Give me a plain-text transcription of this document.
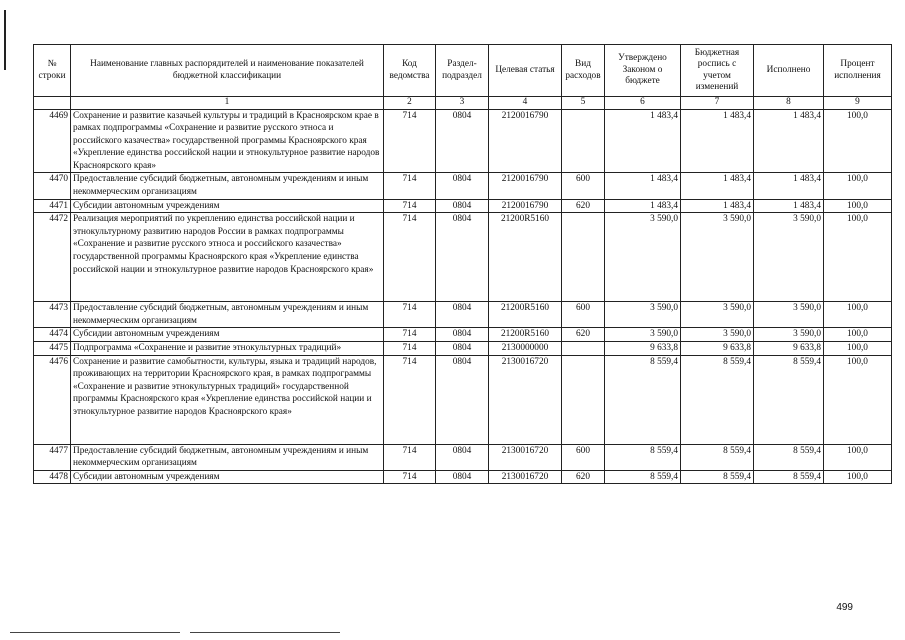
№ строки	Наименование главных распорядителей и наименование показателей бюджетной классификации	Код ведомства	Раздел-подраздел	Целевая статья	Вид расходов	Утверждено Законом о бюджете	Бюджетная роспись с учетом изменений	Исполнено	Процент исполнения
	1	2	3	4	5	6	7	8	9
4469	Сохранение и развитие казачьей культуры и традиций в Красноярском крае в рамках подпрограммы «Сохранение и развитие русского этноса и российского казачества» государственной программы Красноярского края «Укрепление единства российской нации и этнокультурное развитие народов Красноярского края»	714	0804	2120016790		1 483,4	1 483,4	1 483,4	100,0
4470	Предоставление субсидий бюджетным, автономным учреждениям и иным некоммерческим организациям	714	0804	2120016790	600	1 483,4	1 483,4	1 483,4	100,0
4471	Субсидии автономным учреждениям	714	0804	2120016790	620	1 483,4	1 483,4	1 483,4	100,0
4472	Реализация мероприятий по укреплению единства российской нации и этнокультурному развитию народов России в рамках подпрограммы «Сохранение и развитие русского этноса и российского казачества» государственной программы Красноярского края «Укрепление единства российской нации и этнокультурное развитие народов Красноярского края»	714	0804	21200R5160		3 590,0	3 590,0	3 590,0	100,0
4473	Предоставление субсидий бюджетным, автономным учреждениям и иным некоммерческим организациям	714	0804	21200R5160	600	3 590,0	3 590,0	3 590,0	100,0
4474	Субсидии автономным учреждениям	714	0804	21200R5160	620	3 590,0	3 590,0	3 590,0	100,0
4475	Подпрограмма «Сохранение и развитие этнокультурных традиций»	714	0804	2130000000		9 633,8	9 633,8	9 633,8	100,0
4476	Сохранение и развитие самобытности, культуры, языка и традиций народов, проживающих на территории Красноярского края, в рамках подпрограммы «Сохранение и развитие этнокультурных традиций» государственной программы Красноярского края «Укрепление единства российской нации и этнокультурное развитие народов Красноярского края»	714	0804	2130016720		8 559,4	8 559,4	8 559,4	100,0
4477	Предоставление субсидий бюджетным, автономным учреждениям и иным некоммерческим организациям	714	0804	2130016720	600	8 559,4	8 559,4	8 559,4	100,0
4478	Субсидии автономным учреждениям	714	0804	2130016720	620	8 559,4	8 559,4	8 559,4	100,0
499
